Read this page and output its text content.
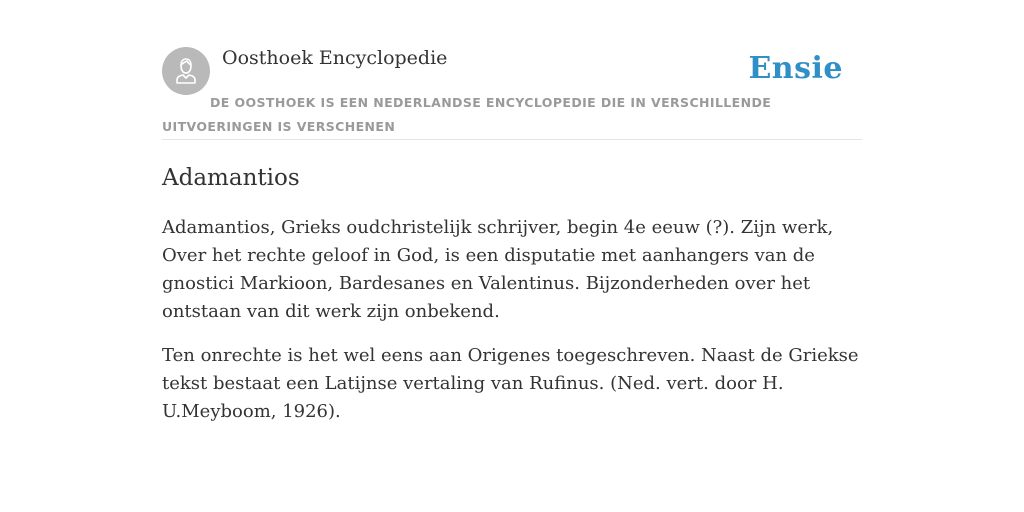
Oosthoek Encyclopedie	Ensie
DE OOSTHOEK IS EEN NEDERLANDSE ENCYCLOPEDIE DIE IN VERSCHILLENDE UITVOERINGEN IS VERSCHENEN
Adamantios

Adamantios, Grieks oudchristelijk schrijver, begin 4e eeuw (?). Zijn werk, Over het rechte geloof in God, is een disputatie met aanhangers van de gnostici Markioon, Bardesanes en Valentinus. Bijzonderheden over het ontstaan van dit werk zijn onbekend.

Ten onrechte is het wel eens aan Origenes toegeschreven. Naast de Griekse tekst bestaat een Latijnse vertaling van Rufinus. (Ned. vert. door H. U.Meyboom, 1926).
